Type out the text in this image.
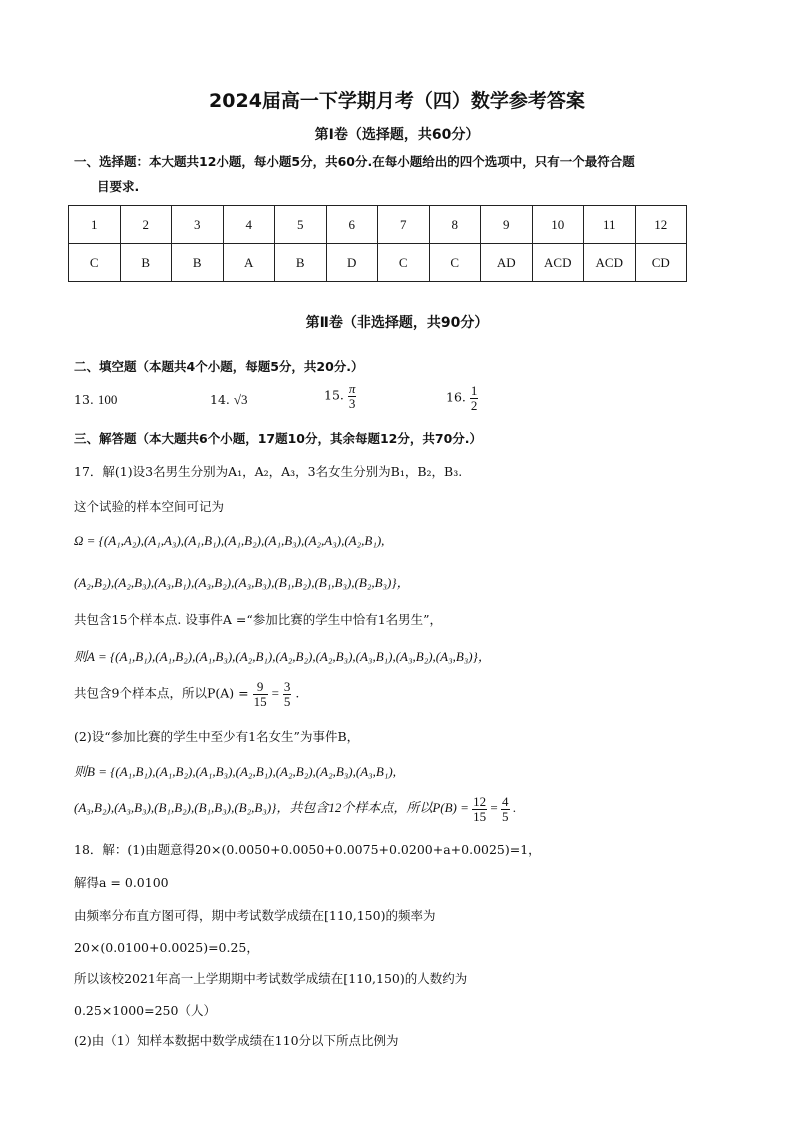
2024届高一下学期月考（四）数学参考答案
第Ⅰ卷（选择题，共60分）
一、选择题：本大题共12小题，每小题5分，共60分.在每小题给出的四个选项中，只有一个最符合题
目要求.
1	2	3	4	5	6	7	8	9	10	11	12
C	B	B	A	B	D	C	C	AD	ACD	ACD	CD
第Ⅱ卷（非选择题，共90分）
二、填空题（本题共4个小题，每题5分，共20分.）
13. 100	14. √3	15. $\frac{\pi}{3}$	16. $\frac{1}{2}$
三、解答题（本大题共6个小题，17题10分，其余每题12分，共70分.）
17．解(1)设3名男生分别为A₁，A₂，A₃，3名女生分别为B₁，B₂，B₃.
这个试验的样本空间可记为
Ω = {(A₁,A₂),(A₁,A₃),(A₁,B₁),(A₁,B₂),(A₁,B₃),(A₂,A₃),(A₂,B₁),
(A₂,B₂),(A₂,B₃),(A₃,B₁),(A₃,B₂),(A₃,B₃),(B₁,B₂),(B₁,B₃),(B₂,B₃)}，
共包含15个样本点. 设事件A =“参加比赛的学生中恰有1名男生”，
则A = {(A₁,B₁),(A₁,B₂),(A₁,B₃),(A₂,B₁),(A₂,B₂),(A₂,B₃),(A₃,B₁),(A₃,B₂),(A₃,B₃)}，
共包含9个样本点，所以$P(A) = \frac{9}{15} = \frac{3}{5}$ .
(2)设“参加比赛的学生中至少有1名女生”为事件B，
则B = {(A₁,B₁),(A₁,B₂),(A₁,B₃),(A₂,B₁),(A₂,B₂),(A₂,B₃),(A₃,B₁),
(A₃,B₂),(A₃,B₃),(B₁,B₂),(B₁,B₃),(B₂,B₃)}，共包含12个样本点，所以$P(B) = \frac{12}{15} = \frac{4}{5}$ .
18．解：(1)由题意得20×(0.0050+0.0050+0.0075+0.0200+a+0.0025)=1，
解得a = 0.0100
由频率分布直方图可得，期中考试数学成绩在[110,150)的频率为
20×(0.0100+0.0025)=0.25，
所以该校2021年高一上学期期中考试数学成绩在[110,150)的人数约为
0.25×1000=250（人）
(2)由（1）知样本数据中数学成绩在110分以下所点比例为
